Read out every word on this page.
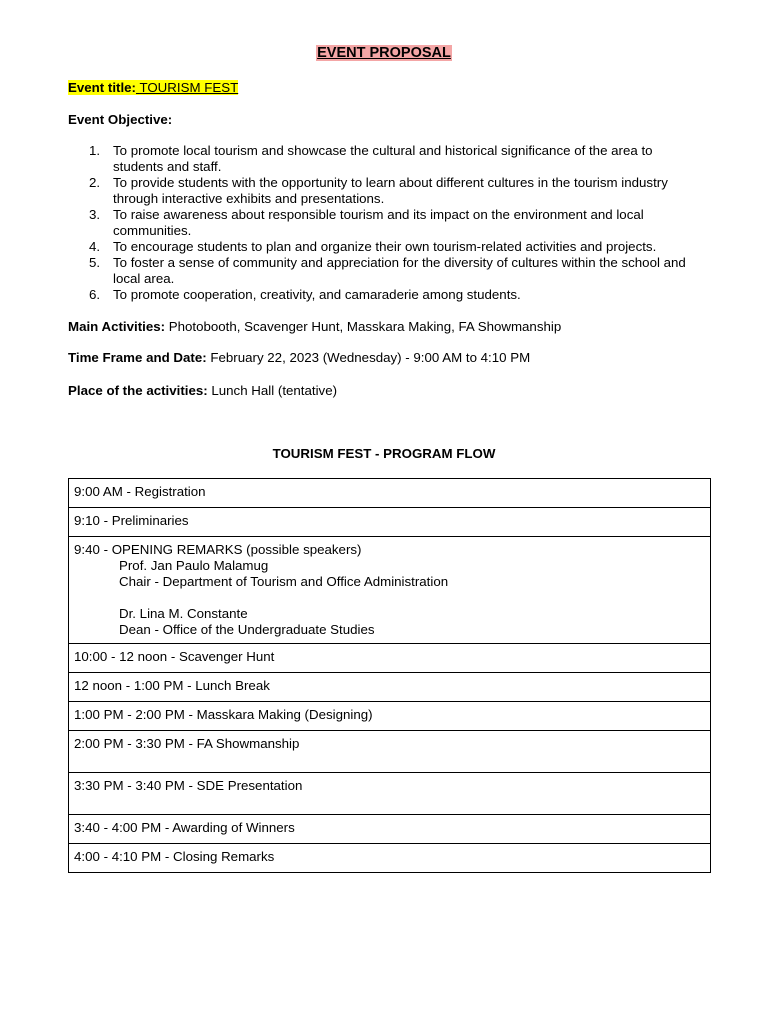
EVENT PROPOSAL
Event title: TOURISM FEST
Event Objective:
1. To promote local tourism and showcase the cultural and historical significance of the area to
students and staff.
2. To provide students with the opportunity to learn about different cultures in the tourism industry
through interactive exhibits and presentations.
3. To raise awareness about responsible tourism and its impact on the environment and local
communities.
4. To encourage students to plan and organize their own tourism-related activities and projects.
5. To foster a sense of community and appreciation for the diversity of cultures within the school and
local area.
6. To promote cooperation, creativity, and camaraderie among students.
Main Activities: Photobooth, Scavenger Hunt, Masskara Making, FA Showmanship
Time Frame and Date: February 22, 2023 (Wednesday) - 9:00 AM to 4:10 PM
Place of the activities: Lunch Hall (tentative)
TOURISM FEST - PROGRAM FLOW
9:00 AM - Registration
9:10 - Preliminaries

9:40 - OPENING REMARKS (possible speakers)
Prof. Jan Paulo Malamug
Chair - Department of Tourism and Office Administration
Dr. Lina M. Constante
Dean - Office of the Undergraduate Studies

10:00 - 12 noon - Scavenger Hunt
12 noon - 1:00 PM - Lunch Break
1:00 PM - 2:00 PM - Masskara Making (Designing)
2:00 PM - 3:30 PM - FA Showmanship
3:30 PM - 3:40 PM - SDE Presentation
3:40 - 4:00 PM - Awarding of Winners
4:00 - 4:10 PM - Closing Remarks
